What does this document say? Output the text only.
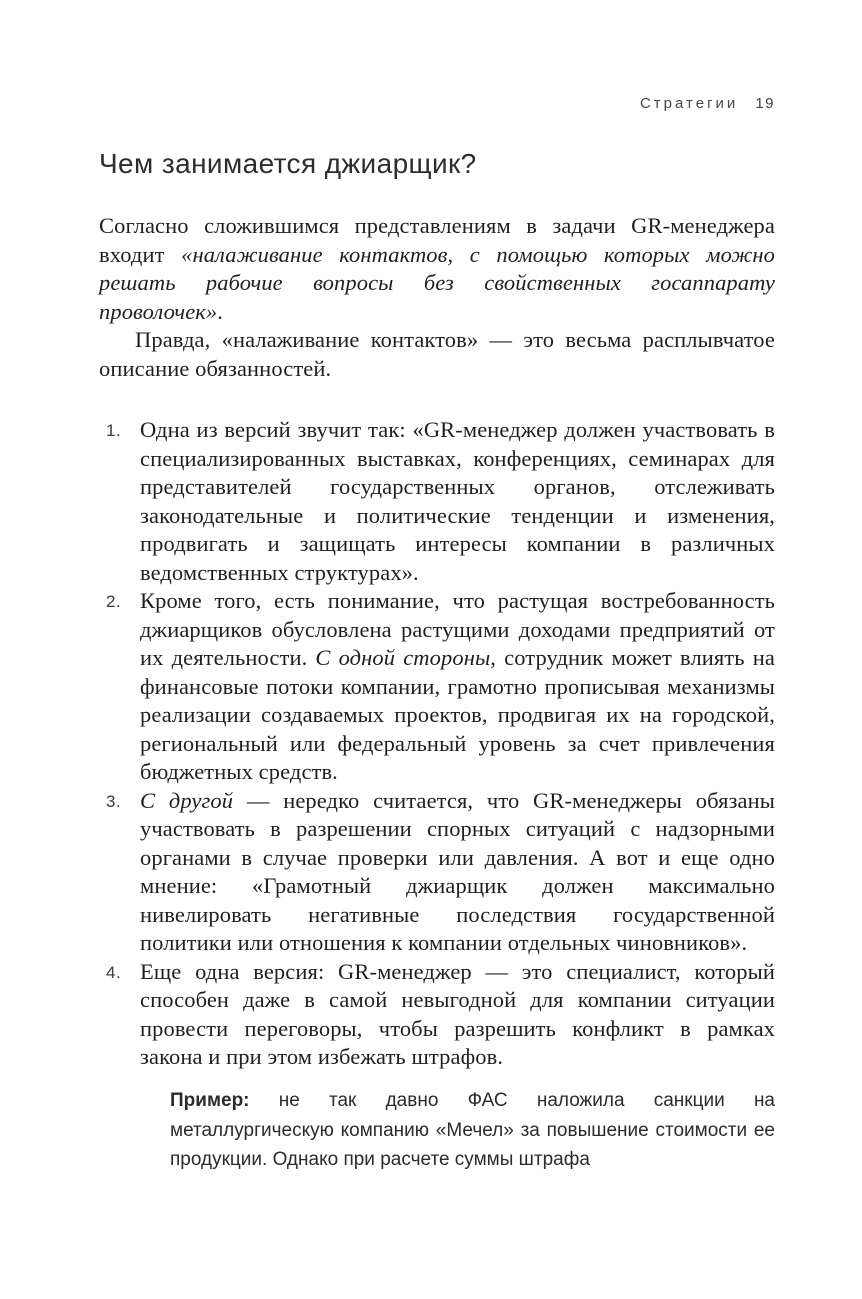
Стратегии 19
Чем занимается джиарщик?

Согласно сложившимся представлениям в задачи GR-менеджера входит «налаживание контактов, с помощью которых можно решать рабочие вопросы без свойственных госаппарату проволочек».

Правда, «налаживание контактов» — это весьма расплывчатое описание обязанностей.

1. Одна из версий звучит так: «GR-менеджер должен участвовать в специализированных выставках, конференциях, семинарах для представителей государственных органов, отслеживать законодательные и политические тенденции и изменения, продвигать и защищать интересы компании в различных ведомственных структурах».
2. Кроме того, есть понимание, что растущая востребованность джиарщиков обусловлена растущими доходами предприятий от их деятельности. С одной стороны, сотрудник может влиять на финансовые потоки компании, грамотно прописывая механизмы реализации создаваемых проектов, продвигая их на городской, региональный или федеральный уровень за счет привлечения бюджетных средств.
3. С другой — нередко считается, что GR-менеджеры обязаны участвовать в разрешении спорных ситуаций с надзорными органами в случае проверки или давления. А вот и еще одно мнение: «Грамотный джиарщик должен максимально нивелировать негативные последствия государственной политики или отношения к компании отдельных чиновников».
4. Еще одна версия: GR-менеджер — это специалист, который способен даже в самой невыгодной для компании ситуации провести переговоры, чтобы разрешить конфликт в рамках закона и при этом избежать штрафов.
Пример: не так давно ФАС наложила санкции на металлургическую компанию «Мечел» за повышение стоимости ее продукции. Однако при расчете суммы штрафа
